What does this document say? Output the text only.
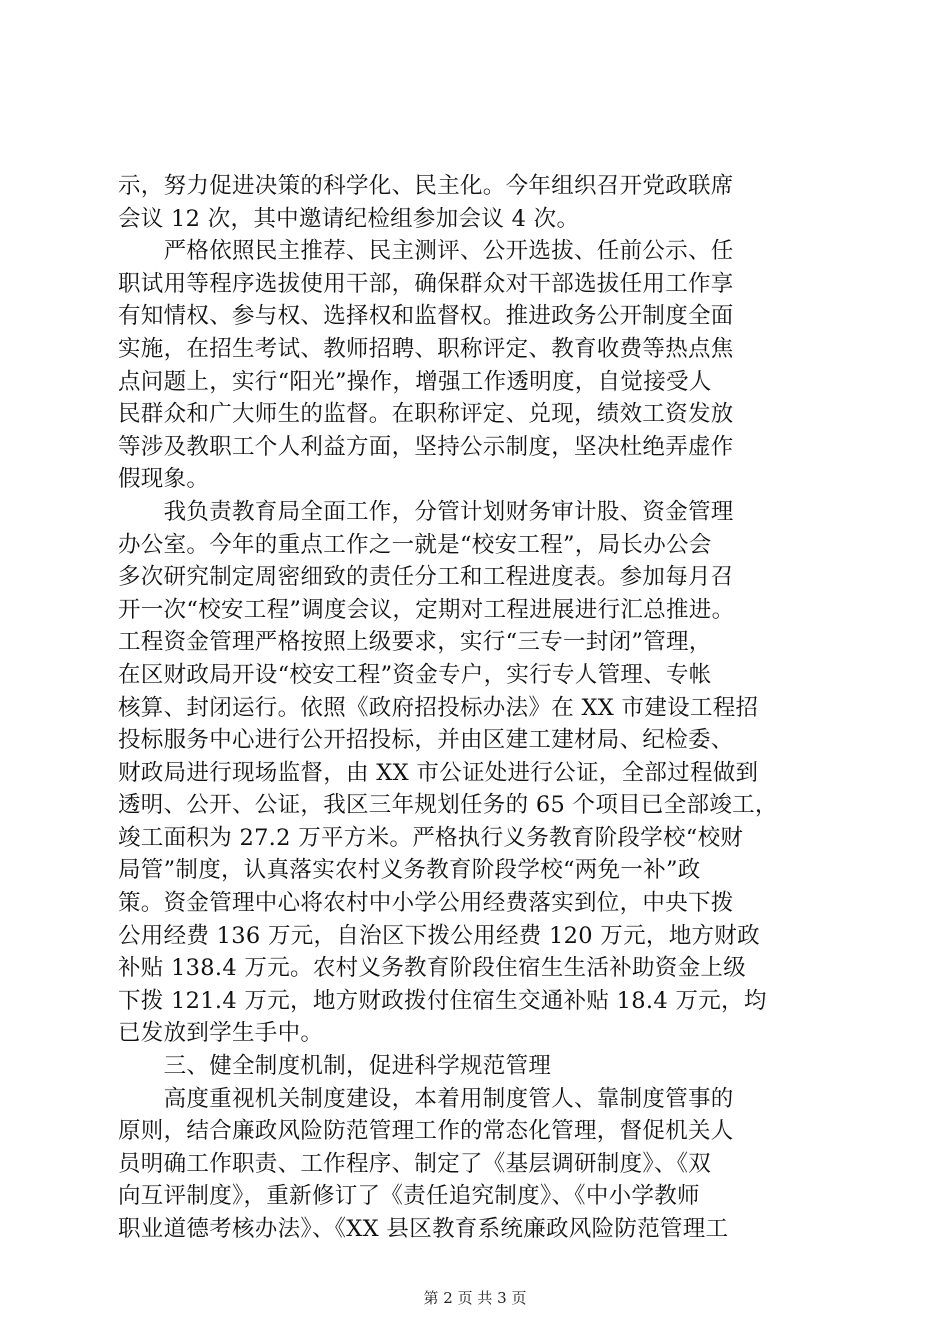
示，努力促进决策的科学化、民主化。今年组织召开党政联席
会议 12 次，其中邀请纪检组参加会议 4 次。
　　严格依照民主推荐、民主测评、公开选拔、任前公示、任
职试用等程序选拔使用干部，确保群众对干部选拔任用工作享
有知情权、参与权、选择权和监督权。推进政务公开制度全面
实施，在招生考试、教师招聘、职称评定、教育收费等热点焦
点问题上，实行“阳光”操作，增强工作透明度，自觉接受人
民群众和广大师生的监督。在职称评定、兑现，绩效工资发放
等涉及教职工个人利益方面，坚持公示制度，坚决杜绝弄虚作
假现象。
　　我负责教育局全面工作，分管计划财务审计股、资金管理
办公室。今年的重点工作之一就是“校安工程”，局长办公会
多次研究制定周密细致的责任分工和工程进度表。参加每月召
开一次“校安工程”调度会议，定期对工程进展进行汇总推进。
工程资金管理严格按照上级要求，实行“三专一封闭”管理，
在区财政局开设“校安工程”资金专户，实行专人管理、专帐
核算、封闭运行。依照《政府招投标办法》在 XX 市建设工程招
投标服务中心进行公开招投标，并由区建工建材局、纪检委、
财政局进行现场监督，由 XX 市公证处进行公证，全部过程做到
透明、公开、公证，我区三年规划任务的 65 个项目已全部竣工，
竣工面积为 27.2 万平方米。严格执行义务教育阶段学校“校财
局管”制度，认真落实农村义务教育阶段学校“两免一补”政
策。资金管理中心将农村中小学公用经费落实到位，中央下拨
公用经费 136 万元，自治区下拨公用经费 120 万元，地方财政
补贴 138.4 万元。农村义务教育阶段住宿生生活补助资金上级
下拨 121.4 万元，地方财政拨付住宿生交通补贴 18.4 万元，均
已发放到学生手中。
　　三、健全制度机制，促进科学规范管理
　　高度重视机关制度建设，本着用制度管人、靠制度管事的
原则，结合廉政风险防范管理工作的常态化管理，督促机关人
员明确工作职责、工作程序、制定了《基层调研制度》、《双
向互评制度》，重新修订了《责任追究制度》、《中小学教师
职业道德考核办法》、《XX 县区教育系统廉政风险防范管理工
第 2 页 共 3 页
